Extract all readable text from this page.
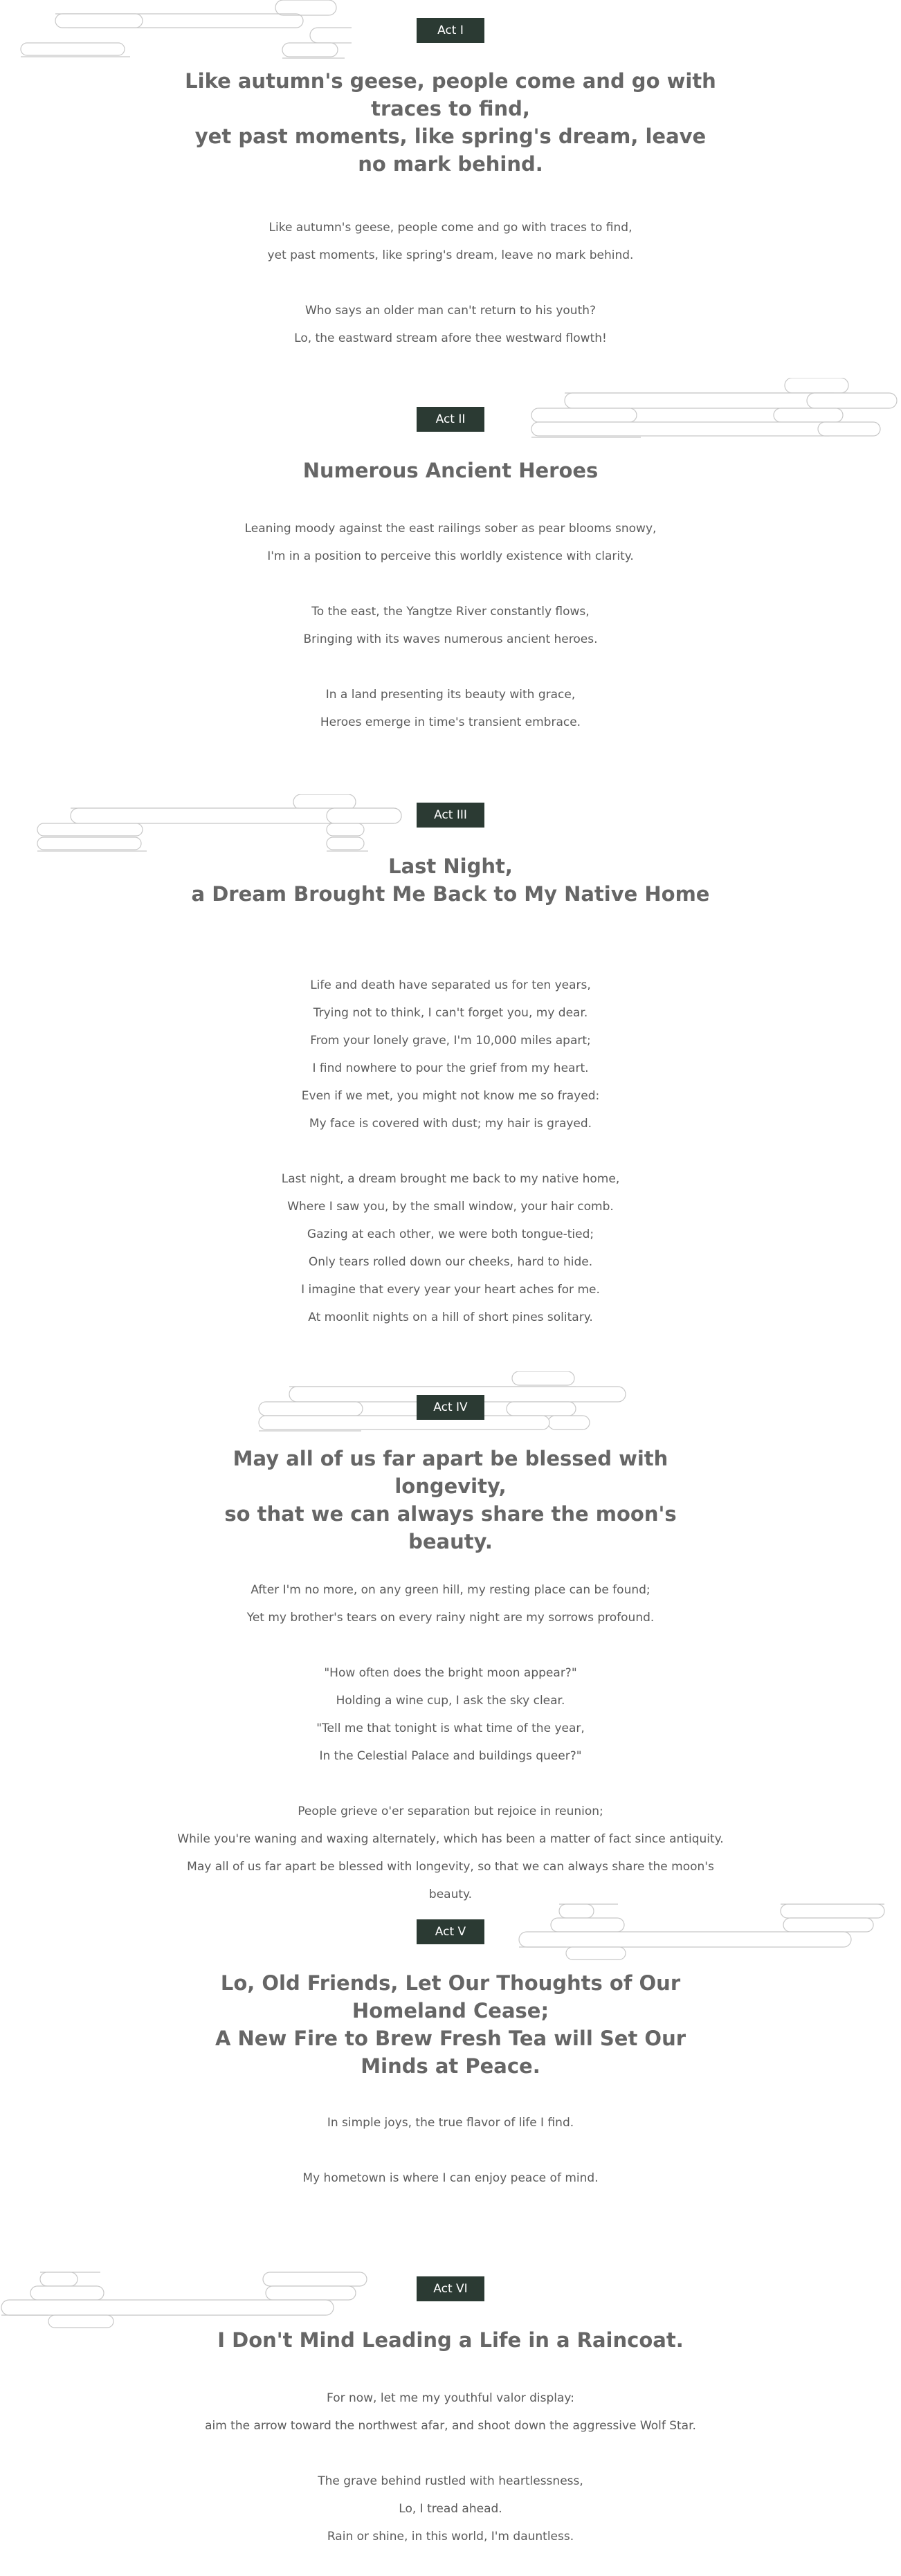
Act I
Like autumn's geese, people come and go with traces to find,
yet past moments, like spring's dream, leave no mark behind.
Like autumn's geese, people come and go with traces to find,
yet past moments, like spring's dream, leave no mark behind.
Who says an older man can't return to his youth?
Lo, the eastward stream afore thee westward flowth!
Act II
Numerous Ancient Heroes
Leaning moody against the east railings sober as pear blooms snowy,
I'm in a position to perceive this worldly existence with clarity.
To the east, the Yangtze River constantly flows,
Bringing with its waves numerous ancient heroes.
In a land presenting its beauty with grace,
Heroes emerge in time's transient embrace.
Act III
Last Night,
a Dream Brought Me Back to My Native Home
Life and death have separated us for ten years,
Trying not to think, I can't forget you, my dear.
From your lonely grave, I'm 10,000 miles apart;
I find nowhere to pour the grief from my heart.
Even if we met, you might not know me so frayed:
My face is covered with dust; my hair is grayed.
Last night, a dream brought me back to my native home,
Where I saw you, by the small window, your hair comb.
Gazing at each other, we were both tongue-tied;
Only tears rolled down our cheeks, hard to hide.
I imagine that every year your heart aches for me.
At moonlit nights on a hill of short pines solitary.
Act IV
May all of us far apart be blessed with longevity,
so that we can always share the moon's beauty.
After I'm no more, on any green hill, my resting place can be found;
Yet my brother's tears on every rainy night are my sorrows profound.
"How often does the bright moon appear?"
Holding a wine cup, I ask the sky clear.
"Tell me that tonight is what time of the year,
In the Celestial Palace and buildings queer?"
People grieve o'er separation but rejoice in reunion;
While you're waning and waxing alternately, which has been a matter of fact since antiquity.
May all of us far apart be blessed with longevity, so that we can always share the moon's
beauty.
Act V
Lo, Old Friends, Let Our Thoughts of Our Homeland Cease;
A New Fire to Brew Fresh Tea will Set Our Minds at Peace.
In simple joys, the true flavor of life I find.
My hometown is where I can enjoy peace of mind.
Act VI
I Don't Mind Leading a Life in a Raincoat.
For now, let me my youthful valor display:
aim the arrow toward the northwest afar, and shoot down the aggressive Wolf Star.
The grave behind rustled with heartlessness,
Lo, I tread ahead.
Rain or shine, in this world, I'm dauntless.
